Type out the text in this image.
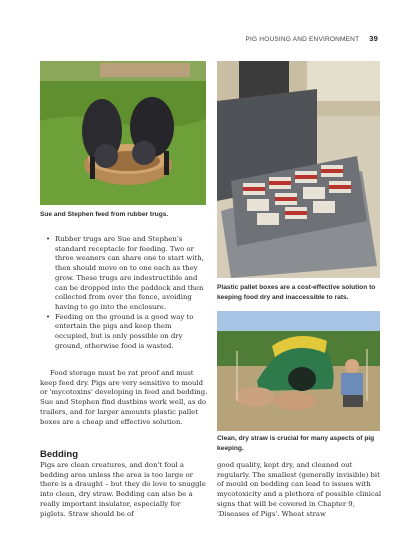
PIG HOUSING AND ENVIRONMENT 39
Sue and Stephen feed from rubber trugs.
Plastic pallet boxes are a cost-effective solution to keeping food dry and inaccessible to rats.
Clean, dry straw is crucial for many aspects of pig keeping.
• Rubber trugs are Sue and Stephen's standard receptacle for feeding. Two or three weaners can share one to start with, then should move on to one each as they grow. These trugs are indestructible and can be dropped into the paddock and then collected from over the fence, avoiding having to go into the enclosure.
• Feeding on the ground is a good way to entertain the pigs and keep them occupied, but is only possible on dry ground, otherwise food is wasted.

Food storage must be rat proof and must keep feed dry. Pigs are very sensitive to mould or 'mycotoxins' developing in feed and bedding. Sue and Stephen find dustbins work well, as do trailers, and for larger amounts plastic pallet boxes are a cheap and effective solution.

Bedding

Pigs are clean creatures, and don't foul a bedding area unless the area is too large or there is a draught – but they do love to snuggle into clean, dry straw. Bedding can also be a really important insulator, especially for piglets. Straw should be of

good quality, kept dry, and cleaned out regularly. The smallest (generally invisible) bit of mould on bedding can lead to issues with mycotoxicity and a plethora of possible clinical signs that will be covered in Chapter 9, 'Diseases of Pigs'. Wheat straw
